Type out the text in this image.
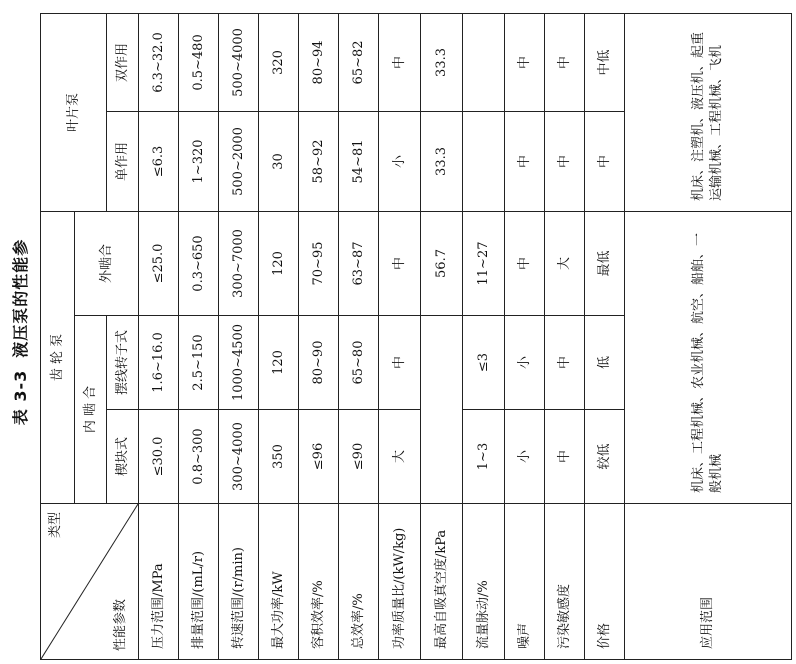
表 3-3
液压泵的性能参
类型
性能参数	齿 轮 泵			叶片泵	
	内 啮 合		外啮合		
	楔块式	摆线转子式		单作用	双作用
压力范围/MPa	≤30.0	1.6~16.0	≤25.0	≤6.3	6.3~32.0
排量范围/(mL/r)	0.8~300	2.5~150	0.3~650	1~320	0.5~480
转速范围/(r/min)	300~4000	1000~4500	300~7000	500~2000	500~4000
最大功率/kW	350	120	120	30	320
容积效率/%	≤96	80~90	70~95	58~92	80~94
总效率/%	≤90	65~80	63~87	54~81	65~82
功率质量比/(kW/kg)	大	中	中	小	中
最高自吸真空度/kPa			56.7	33.3	33.3
流量脉动/%	1~3	≤3	11~27		
噪声	小	小	中	中	中
污染敏感度	中	中	大	中	中
价格	较低	低	最低	中	中低
应用范围	机床、工程机械、农业机械、航空、船舶、一般机械			机床、注塑机、液压机、起重运输机械、工程机械、飞机	
